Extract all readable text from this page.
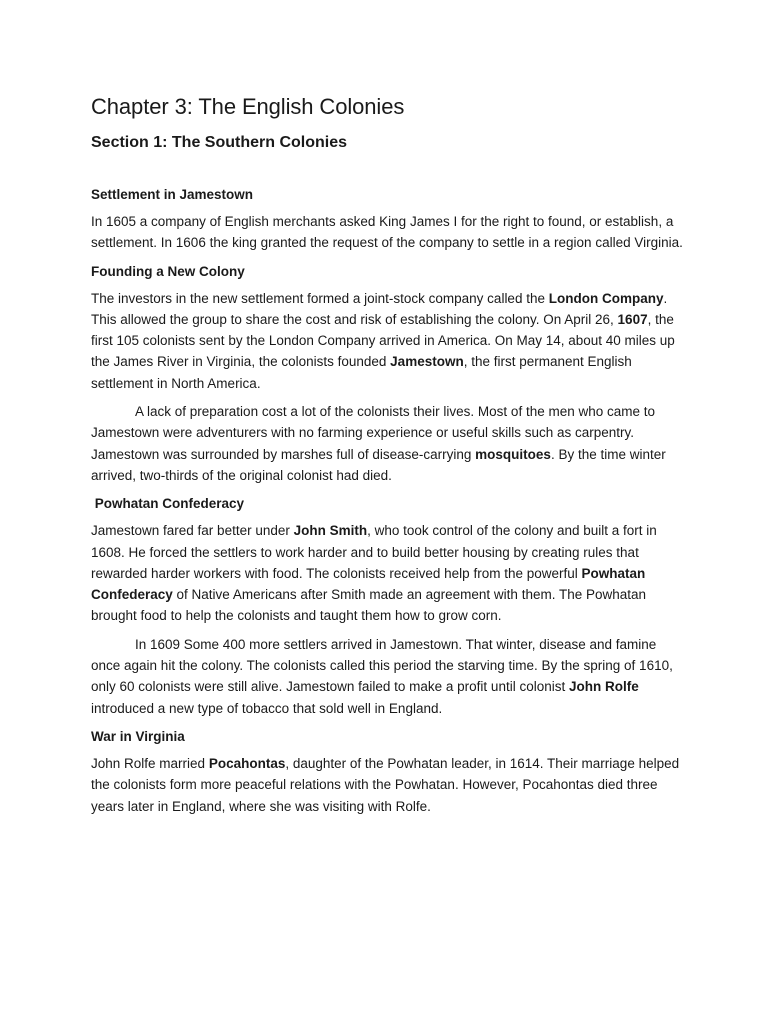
Chapter 3: The English Colonies
Section 1: The Southern Colonies
Settlement in Jamestown

In 1605 a company of English merchants asked King James I for the right to found, or establish, a settlement. In 1606 the king granted the request of the company to settle in a region called Virginia.

Founding a New Colony

The investors in the new settlement formed a joint-stock company called the London Company. This allowed the group to share the cost and risk of establishing the colony. On April 26, 1607, the first 105 colonists sent by the London Company arrived in America. On May 14, about 40 miles up the James River in Virginia, the colonists founded Jamestown, the first permanent English settlement in North America.

A lack of preparation cost a lot of the colonists their lives. Most of the men who came to Jamestown were adventurers with no farming experience or useful skills such as carpentry. Jamestown was surrounded by marshes full of disease-carrying mosquitoes. By the time winter arrived, two-thirds of the original colonist had died.

Powhatan Confederacy

Jamestown fared far better under John Smith, who took control of the colony and built a fort in 1608. He forced the settlers to work harder and to build better housing by creating rules that rewarded harder workers with food. The colonists received help from the powerful Powhatan Confederacy of Native Americans after Smith made an agreement with them. The Powhatan brought food to help the colonists and taught them how to grow corn.

In 1609 Some 400 more settlers arrived in Jamestown. That winter, disease and famine once again hit the colony. The colonists called this period the starving time. By the spring of 1610, only 60 colonists were still alive. Jamestown failed to make a profit until colonist John Rolfe introduced a new type of tobacco that sold well in England.

War in Virginia

John Rolfe married Pocahontas, daughter of the Powhatan leader, in 1614. Their marriage helped the colonists form more peaceful relations with the Powhatan. However, Pocahontas died three years later in England, where she was visiting with Rolfe.
